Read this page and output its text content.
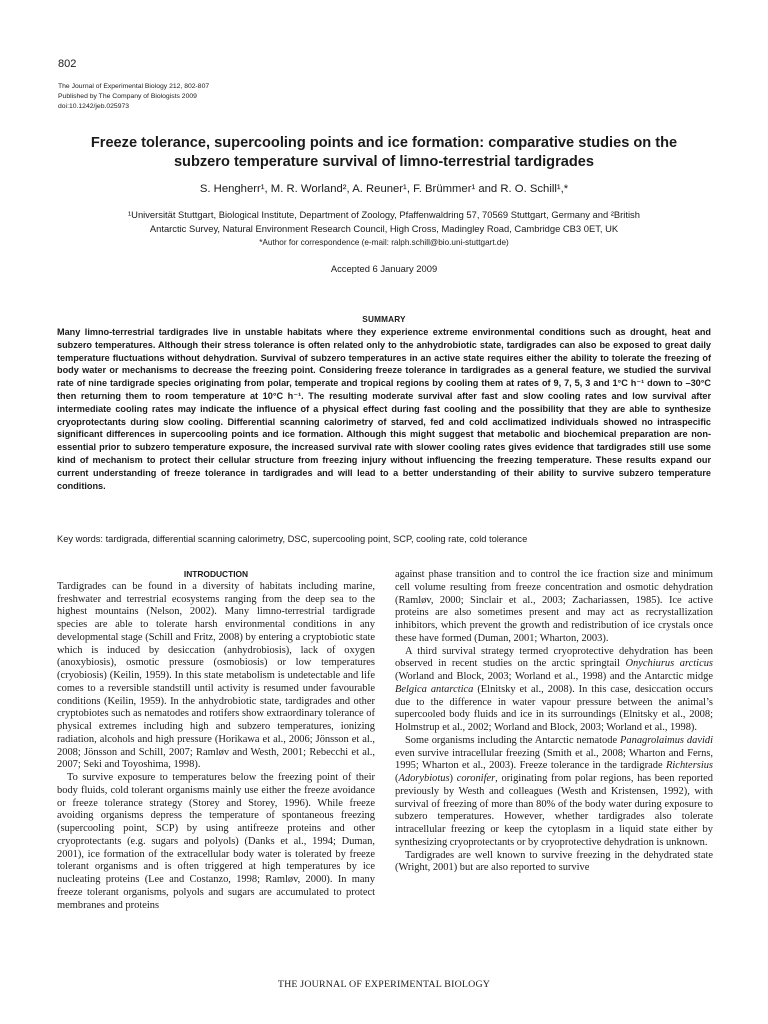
802
The Journal of Experimental Biology 212, 802-807
Published by The Company of Biologists 2009
doi:10.1242/jeb.025973
Freeze tolerance, supercooling points and ice formation: comparative studies on the
subzero temperature survival of limno-terrestrial tardigrades
S. Hengherr¹, M. R. Worland², A. Reuner¹, F. Brümmer¹ and R. O. Schill¹,*
¹Universität Stuttgart, Biological Institute, Department of Zoology, Pfaffenwaldring 57, 70569 Stuttgart, Germany and ²British
Antarctic Survey, Natural Environment Research Council, High Cross, Madingley Road, Cambridge CB3 0ET, UK
*Author for correspondence (e-mail: ralph.schill@bio.uni-stuttgart.de)
Accepted 6 January 2009
SUMMARY
Many limno-terrestrial tardigrades live in unstable habitats where they experience extreme environmental conditions such as drought, heat and subzero temperatures. Although their stress tolerance is often related only to the anhydrobiotic state, tardigrades can also be exposed to great daily temperature fluctuations without dehydration. Survival of subzero temperatures in an active state requires either the ability to tolerate the freezing of body water or mechanisms to decrease the freezing point. Considering freeze tolerance in tardigrades as a general feature, we studied the survival rate of nine tardigrade species originating from polar, temperate and tropical regions by cooling them at rates of 9, 7, 5, 3 and 1°C h⁻¹ down to –30°C then returning them to room temperature at 10°C h⁻¹. The resulting moderate survival after fast and slow cooling rates and low survival after intermediate cooling rates may indicate the influence of a physical effect during fast cooling and the possibility that they are able to synthesize cryoprotectants during slow cooling. Differential scanning calorimetry of starved, fed and cold acclimatized individuals showed no intraspecific significant differences in supercooling points and ice formation. Although this might suggest that metabolic and biochemical preparation are non-essential prior to subzero temperature exposure, the increased survival rate with slower cooling rates gives evidence that tardigrades still use some kind of mechanism to protect their cellular structure from freezing injury without influencing the freezing temperature. These results expand our current understanding of freeze tolerance in tardigrades and will lead to a better understanding of their ability to survive subzero temperature conditions.
Key words: tardigrada, differential scanning calorimetry, DSC, supercooling point, SCP, cooling rate, cold tolerance
INTRODUCTION

Tardigrades can be found in a diversity of habitats including marine, freshwater and terrestrial ecosystems ranging from the deep sea to the highest mountains (Nelson, 2002). Many limno-terrestrial tardigrade species are able to tolerate harsh environmental conditions in any developmental stage (Schill and Fritz, 2008) by entering a cryptobiotic state which is induced by desiccation (anhydrobiosis), lack of oxygen (anoxybiosis), osmotic pressure (osmobiosis) or low temperatures (cryobiosis) (Keilin, 1959). In this state metabolism is undetectable and life comes to a reversible standstill until activity is resumed under favourable conditions (Keilin, 1959). In the anhydrobiotic state, tardigrades and other cryptobiotes such as nematodes and rotifers show extraordinary tolerance of physical extremes including high and subzero temperatures, ionizing radiation, alcohols and high pressure (Horikawa et al., 2006; Jönsson et al., 2008; Jönsson and Schill, 2007; Ramløv and Westh, 2001; Rebecchi et al., 2007; Seki and Toyoshima, 1998).

To survive exposure to temperatures below the freezing point of their body fluids, cold tolerant organisms mainly use either the freeze avoidance or freeze tolerance strategy (Storey and Storey, 1996). While freeze avoiding organisms depress the temperature of spontaneous freezing (supercooling point, SCP) by using antifreeze proteins and other cryoprotectants (e.g. sugars and polyols) (Danks et al., 1994; Duman, 2001), ice formation of the extracellular body water is tolerated by freeze tolerant organisms and is often triggered at high temperatures by ice nucleating proteins (Lee and Costanzo, 1998; Ramløv, 2000). In many freeze tolerant organisms, polyols and sugars are accumulated to protect membranes and proteins

against phase transition and to control the ice fraction size and minimum cell volume resulting from freeze concentration and osmotic dehydration (Ramløv, 2000; Sinclair et al., 2003; Zachariassen, 1985). Ice active proteins are also sometimes present and may act as recrystallization inhibitors, which prevent the growth and redistribution of ice crystals once these have formed (Duman, 2001; Wharton, 2003).

A third survival strategy termed cryoprotective dehydration has been observed in recent studies on the arctic springtail Onychiurus arcticus (Worland and Block, 2003; Worland et al., 1998) and the Antarctic midge Belgica antarctica (Elnitsky et al., 2008). In this case, desiccation occurs due to the difference in water vapour pressure between the animal’s supercooled body fluids and ice in its surroundings (Elnitsky et al., 2008; Holmstrup et al., 2002; Worland and Block, 2003; Worland et al., 1998).

Some organisms including the Antarctic nematode Panagrolaimus davidi even survive intracellular freezing (Smith et al., 2008; Wharton and Ferns, 1995; Wharton et al., 2003). Freeze tolerance in the tardigrade Richtersius (Adorybiotus) coronifer, originating from polar regions, has been reported previously by Westh and colleagues (Westh and Kristensen, 1992), with survival of freezing of more than 80% of the body water during exposure to subzero temperatures. However, whether tardigrades also tolerate intracellular freezing or keep the cytoplasm in a liquid state either by synthesizing cryoprotectants or by cryoprotective dehydration is unknown.

Tardigrades are well known to survive freezing in the dehydrated state (Wright, 2001) but are also reported to survive

THE JOURNAL OF EXPERIMENTAL BIOLOGY
